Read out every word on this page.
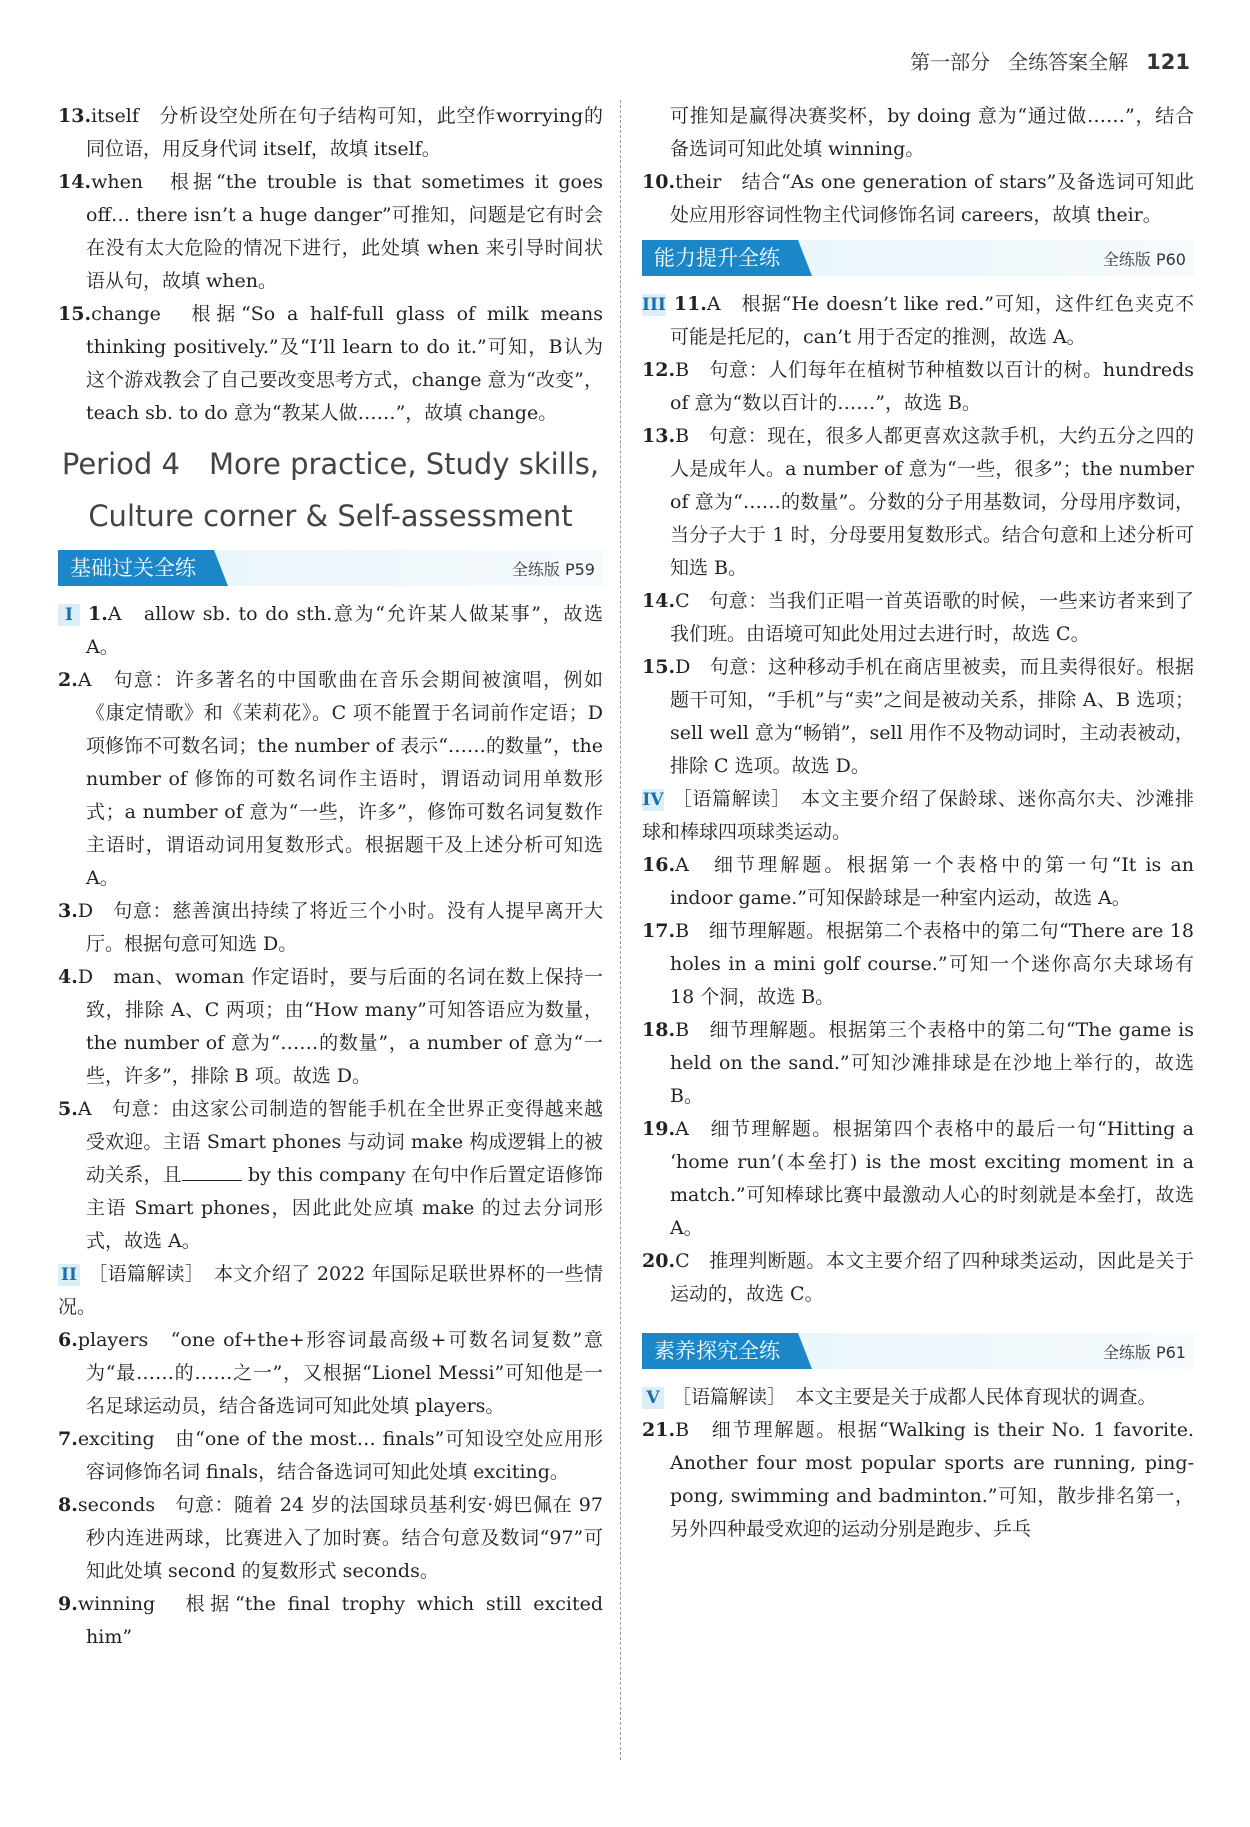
第一部分 全练答案全解 121

13.itself　分析设空处所在句子结构可知，此空作worrying的同位语，用反身代词 itself，故填 itself。

14.when　根据“the trouble is that sometimes it goes off… there isn’t a huge danger”可推知，问题是它有时会在没有太大危险的情况下进行，此处填 when 来引导时间状语从句，故填 when。

15.change　根据“So a half-full glass of milk means thinking positively.”及“I’ll learn to do it.”可知，B认为这个游戏教会了自己要改变思考方式，change 意为“改变”，teach sb. to do 意为“教某人做……”，故填 change。

Period 4　More practice, Study skills,
Culture corner & Self-assessment
基础过关全练	全练版 P59

I 1.A　allow sb. to do sth.意为“允许某人做某事”，故选 A。

2.A　句意：许多著名的中国歌曲在音乐会期间被演唱，例如《康定情歌》和《茉莉花》。C 项不能置于名词前作定语；D 项修饰不可数名词；the number of 表示“……的数量”，the number of 修饰的可数名词作主语时，谓语动词用单数形式；a number of 意为“一些，许多”，修饰可数名词复数作主语时，谓语动词用复数形式。根据题干及上述分析可知选 A。

3.D　句意：慈善演出持续了将近三个小时。没有人提早离开大厅。根据句意可知选 D。

4.D　man、woman 作定语时，要与后面的名词在数上保持一致，排除 A、C 两项；由“How many”可知答语应为数量，the number of 意为“……的数量”，a number of 意为“一些，许多”，排除 B 项。故选 D。

5.A　句意：由这家公司制造的智能手机在全世界正变得越来越受欢迎。主语 Smart phones 与动词 make 构成逻辑上的被动关系，且	by this company 在句中作后置定语修饰主语 Smart phones，因此此处应填 make 的过去分词形式，故选 A。

II ［语篇解读］　本文介绍了 2022 年国际足联世界杯的一些情况。

6.players　“one of+the+形容词最高级+可数名词复数”意为“最……的……之一”，又根据“Lionel Messi”可知他是一名足球运动员，结合备选词可知此处填 players。

7.exciting　由“one of the most… finals”可知设空处应用形容词修饰名词 finals，结合备选词可知此处填 exciting。

8.seconds　句意：随着 24 岁的法国球员基利安·姆巴佩在 97 秒内连进两球，比赛进入了加时赛。结合句意及数词“97”可知此处填 second 的复数形式 seconds。

9.winning　根据“the final trophy which still excited him”

可推知是赢得决赛奖杯，by doing 意为“通过做……”，结合备选词可知此处填 winning。

10.their　结合“As one generation of stars”及备选词可知此处应用形容词性物主代词修饰名词 careers，故填 their。

能力提升全练	全练版 P60

III 11.A　根据“He doesn’t like red.”可知，这件红色夹克不可能是托尼的，can’t 用于否定的推测，故选 A。

12.B　句意：人们每年在植树节种植数以百计的树。hundreds of 意为“数以百计的……”，故选 B。

13.B　句意：现在，很多人都更喜欢这款手机，大约五分之四的人是成年人。a number of 意为“一些，很多”；the number of 意为“……的数量”。分数的分子用基数词，分母用序数词，当分子大于 1 时，分母要用复数形式。结合句意和上述分析可知选 B。

14.C　句意：当我们正唱一首英语歌的时候，一些来访者来到了我们班。由语境可知此处用过去进行时，故选 C。

15.D　句意：这种移动手机在商店里被卖，而且卖得很好。根据题干可知，“手机”与“卖”之间是被动关系，排除 A、B 选项；sell well 意为“畅销”，sell 用作不及物动词时，主动表被动，排除 C 选项。故选 D。

IV ［语篇解读］　本文主要介绍了保龄球、迷你高尔夫、沙滩排球和棒球四项球类运动。

16.A　细节理解题。根据第一个表格中的第一句“It is an indoor game.”可知保龄球是一种室内运动，故选 A。

17.B　细节理解题。根据第二个表格中的第二句“There are 18 holes in a mini golf course.”可知一个迷你高尔夫球场有 18 个洞，故选 B。

18.B　细节理解题。根据第三个表格中的第二句“The game is held on the sand.”可知沙滩排球是在沙地上举行的，故选 B。

19.A　细节理解题。根据第四个表格中的最后一句“Hitting a ‘home run’(本垒打) is the most exciting moment in a match.”可知棒球比赛中最激动人心的时刻就是本垒打，故选 A。

20.C　推理判断题。本文主要介绍了四种球类运动，因此是关于运动的，故选 C。

素养探究全练	全练版 P61

V ［语篇解读］　本文主要是关于成都人民体育现状的调查。

21.B　细节理解题。根据“Walking is their No. 1 favorite. Another four most popular sports are running, ping-pong, swimming and badminton.”可知，散步排名第一，另外四种最受欢迎的运动分别是跑步、乒乓
